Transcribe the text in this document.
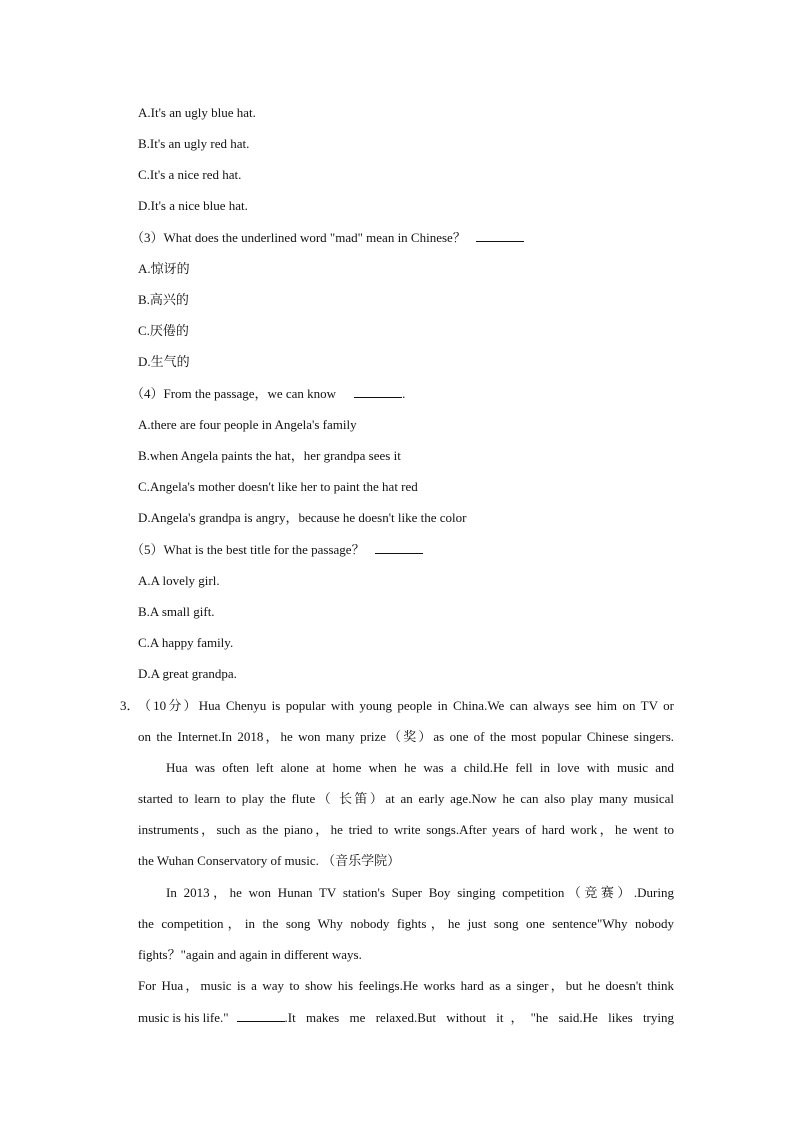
A.It's an ugly blue hat.
B.It's an ugly red hat.
C.It's a nice red hat.
D.It's a nice blue hat.
（3）What does the underlined word "mad" mean in Chinese？
A.惊讶的
B.高兴的
C.厌倦的
D.生气的
（4）From the passage，we can know	.
A.there are four people in Angela's family
B.when Angela paints the hat，her grandpa sees it
C.Angela's mother doesn't like her to paint the hat red
D.Angela's grandpa is angry，because he doesn't like the color
（5）What is the best title for the passage？
A.A lovely girl.
B.A small gift.
C.A happy family.
D.A great grandpa.
3．
（10分）Hua Chenyu is popular with young people in China.We can always see him on TV or
on the Internet.In 2018，he won many prize（奖）as one of the most popular Chinese singers.
Hua was often left alone at home when he was a child.He fell in love with music and
started to learn to play the flute（ 长笛）at an early age.Now he can also play many musical
instruments，such as the piano，he tried to write songs.After years of hard work，he went to
the Wuhan Conservatory of music. （音乐学院）
In 2013，he won Hunan TV station's Super Boy singing competition（竞赛）.During
the competition，in the song Why nobody fights，he just song one sentence"Why nobody
fights？"again and again in different ways.
For Hua，music is a way to show his feelings.He works hard as a singer，but he doesn't think
music is his life."	.It makes me relaxed.But without it，"he said.He likes trying
